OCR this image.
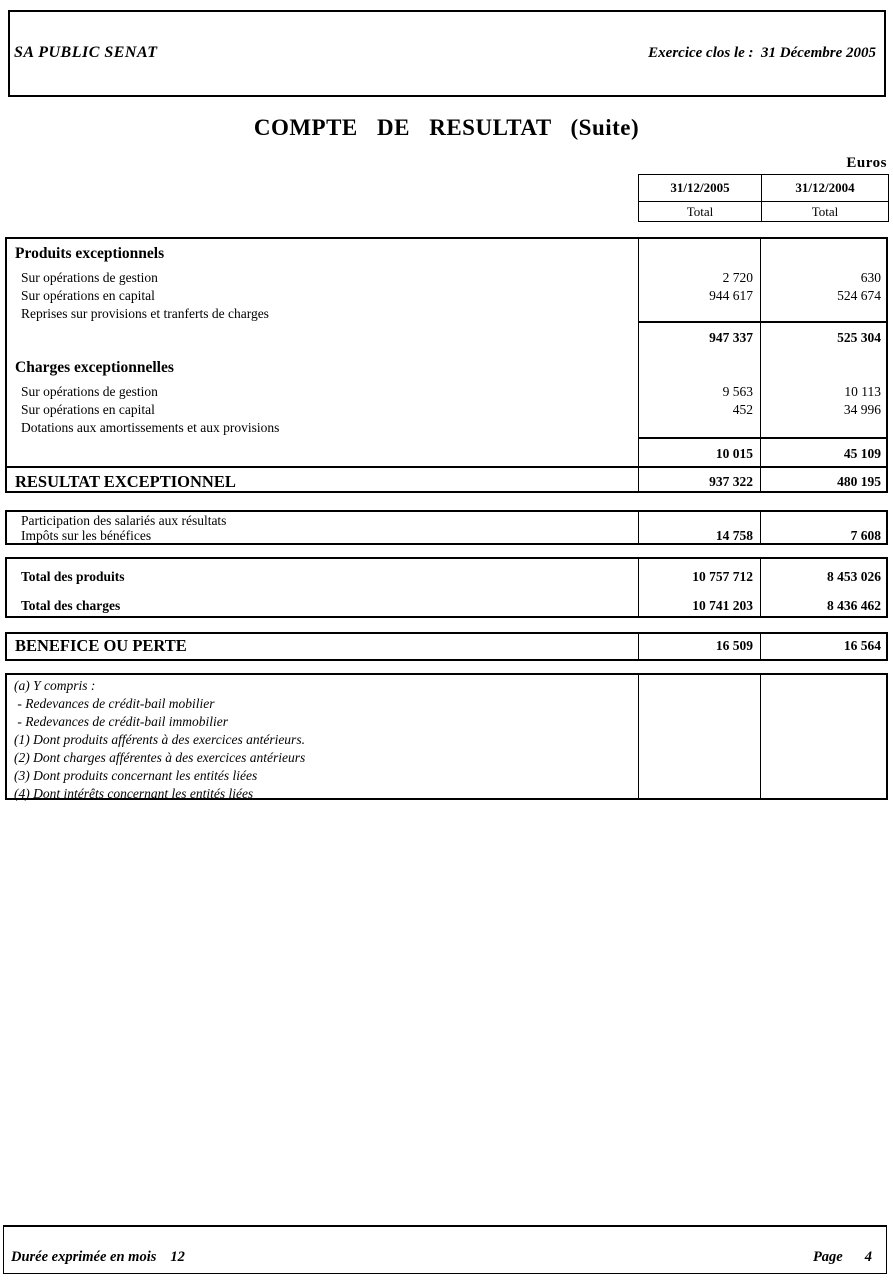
SA PUBLIC SENAT	Exercice clos le :  31 Décembre 2005
COMPTE DE RESULTAT (Suite)
Euros
31/12/2005	31/12/2004
Total	Total
Produits exceptionnels
Sur opérations de gestion	2 720	630
Sur opérations en capital	944 617	524 674
Reprises sur provisions et tranferts de charges
947 337	525 304
Charges exceptionnelles
Sur opérations de gestion	9 563	10 113
Sur opérations en capital	452	34 996
Dotations aux amortissements et aux provisions
10 015	45 109
RESULTAT EXCEPTIONNEL	937 322	480 195
Participation des salariés aux résultats
Impôts sur les bénéfices	14 758	7 608
Total des produits	10 757 712	8 453 026
Total des charges	10 741 203	8 436 462
BENEFICE OU PERTE	16 509	16 564
(a) Y compris :
- Redevances de crédit-bail mobilier
- Redevances de crédit-bail immobilier
(1) Dont produits afférents à des exercices antérieurs.
(2) Dont charges afférentes à des exercices antérieurs
(3) Dont produits concernant les entités liées
(4) Dont intérêts concernant les entités liées
Durée exprimée en mois 12	Page 4
